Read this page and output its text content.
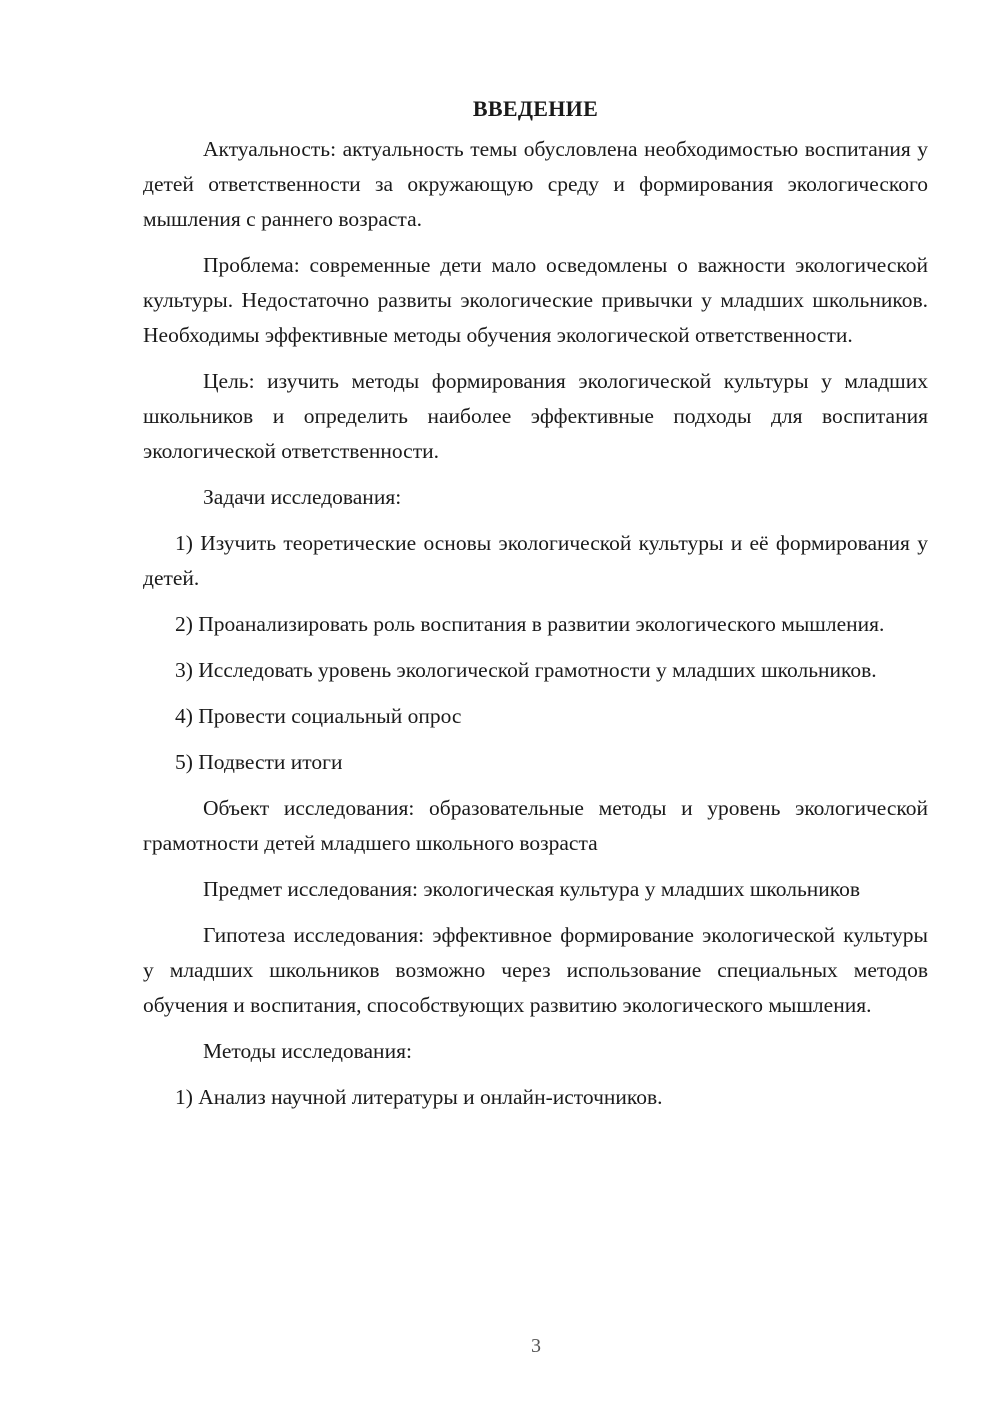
ВВЕДЕНИЕ

Актуальность: актуальность темы обусловлена необходимостью воспитания у детей ответственности за окружающую среду и формирования экологического мышления с раннего возраста.

Проблема: современные дети мало осведомлены о важности экологической культуры. Недостаточно развиты экологические привычки у младших школьников. Необходимы эффективные методы обучения экологической ответственности.

Цель: изучить методы формирования экологической культуры у младших школьников и определить наиболее эффективные подходы для воспитания экологической ответственности.

Задачи исследования:

1) Изучить теоретические основы экологической культуры и её формирования у детей.

2) Проанализировать роль воспитания в развитии экологического мышления.

3) Исследовать уровень экологической грамотности у младших школьников.

4) Провести социальный опрос

5) Подвести итоги

Объект исследования: образовательные методы и уровень экологической грамотности детей младшего школьного возраста

Предмет исследования: экологическая культура у младших школьников

Гипотеза исследования: эффективное формирование экологической культуры у младших школьников возможно через использование специальных методов обучения и воспитания, способствующих развитию экологического мышления.

Методы исследования:

1) Анализ научной литературы и онлайн-источников.

3
